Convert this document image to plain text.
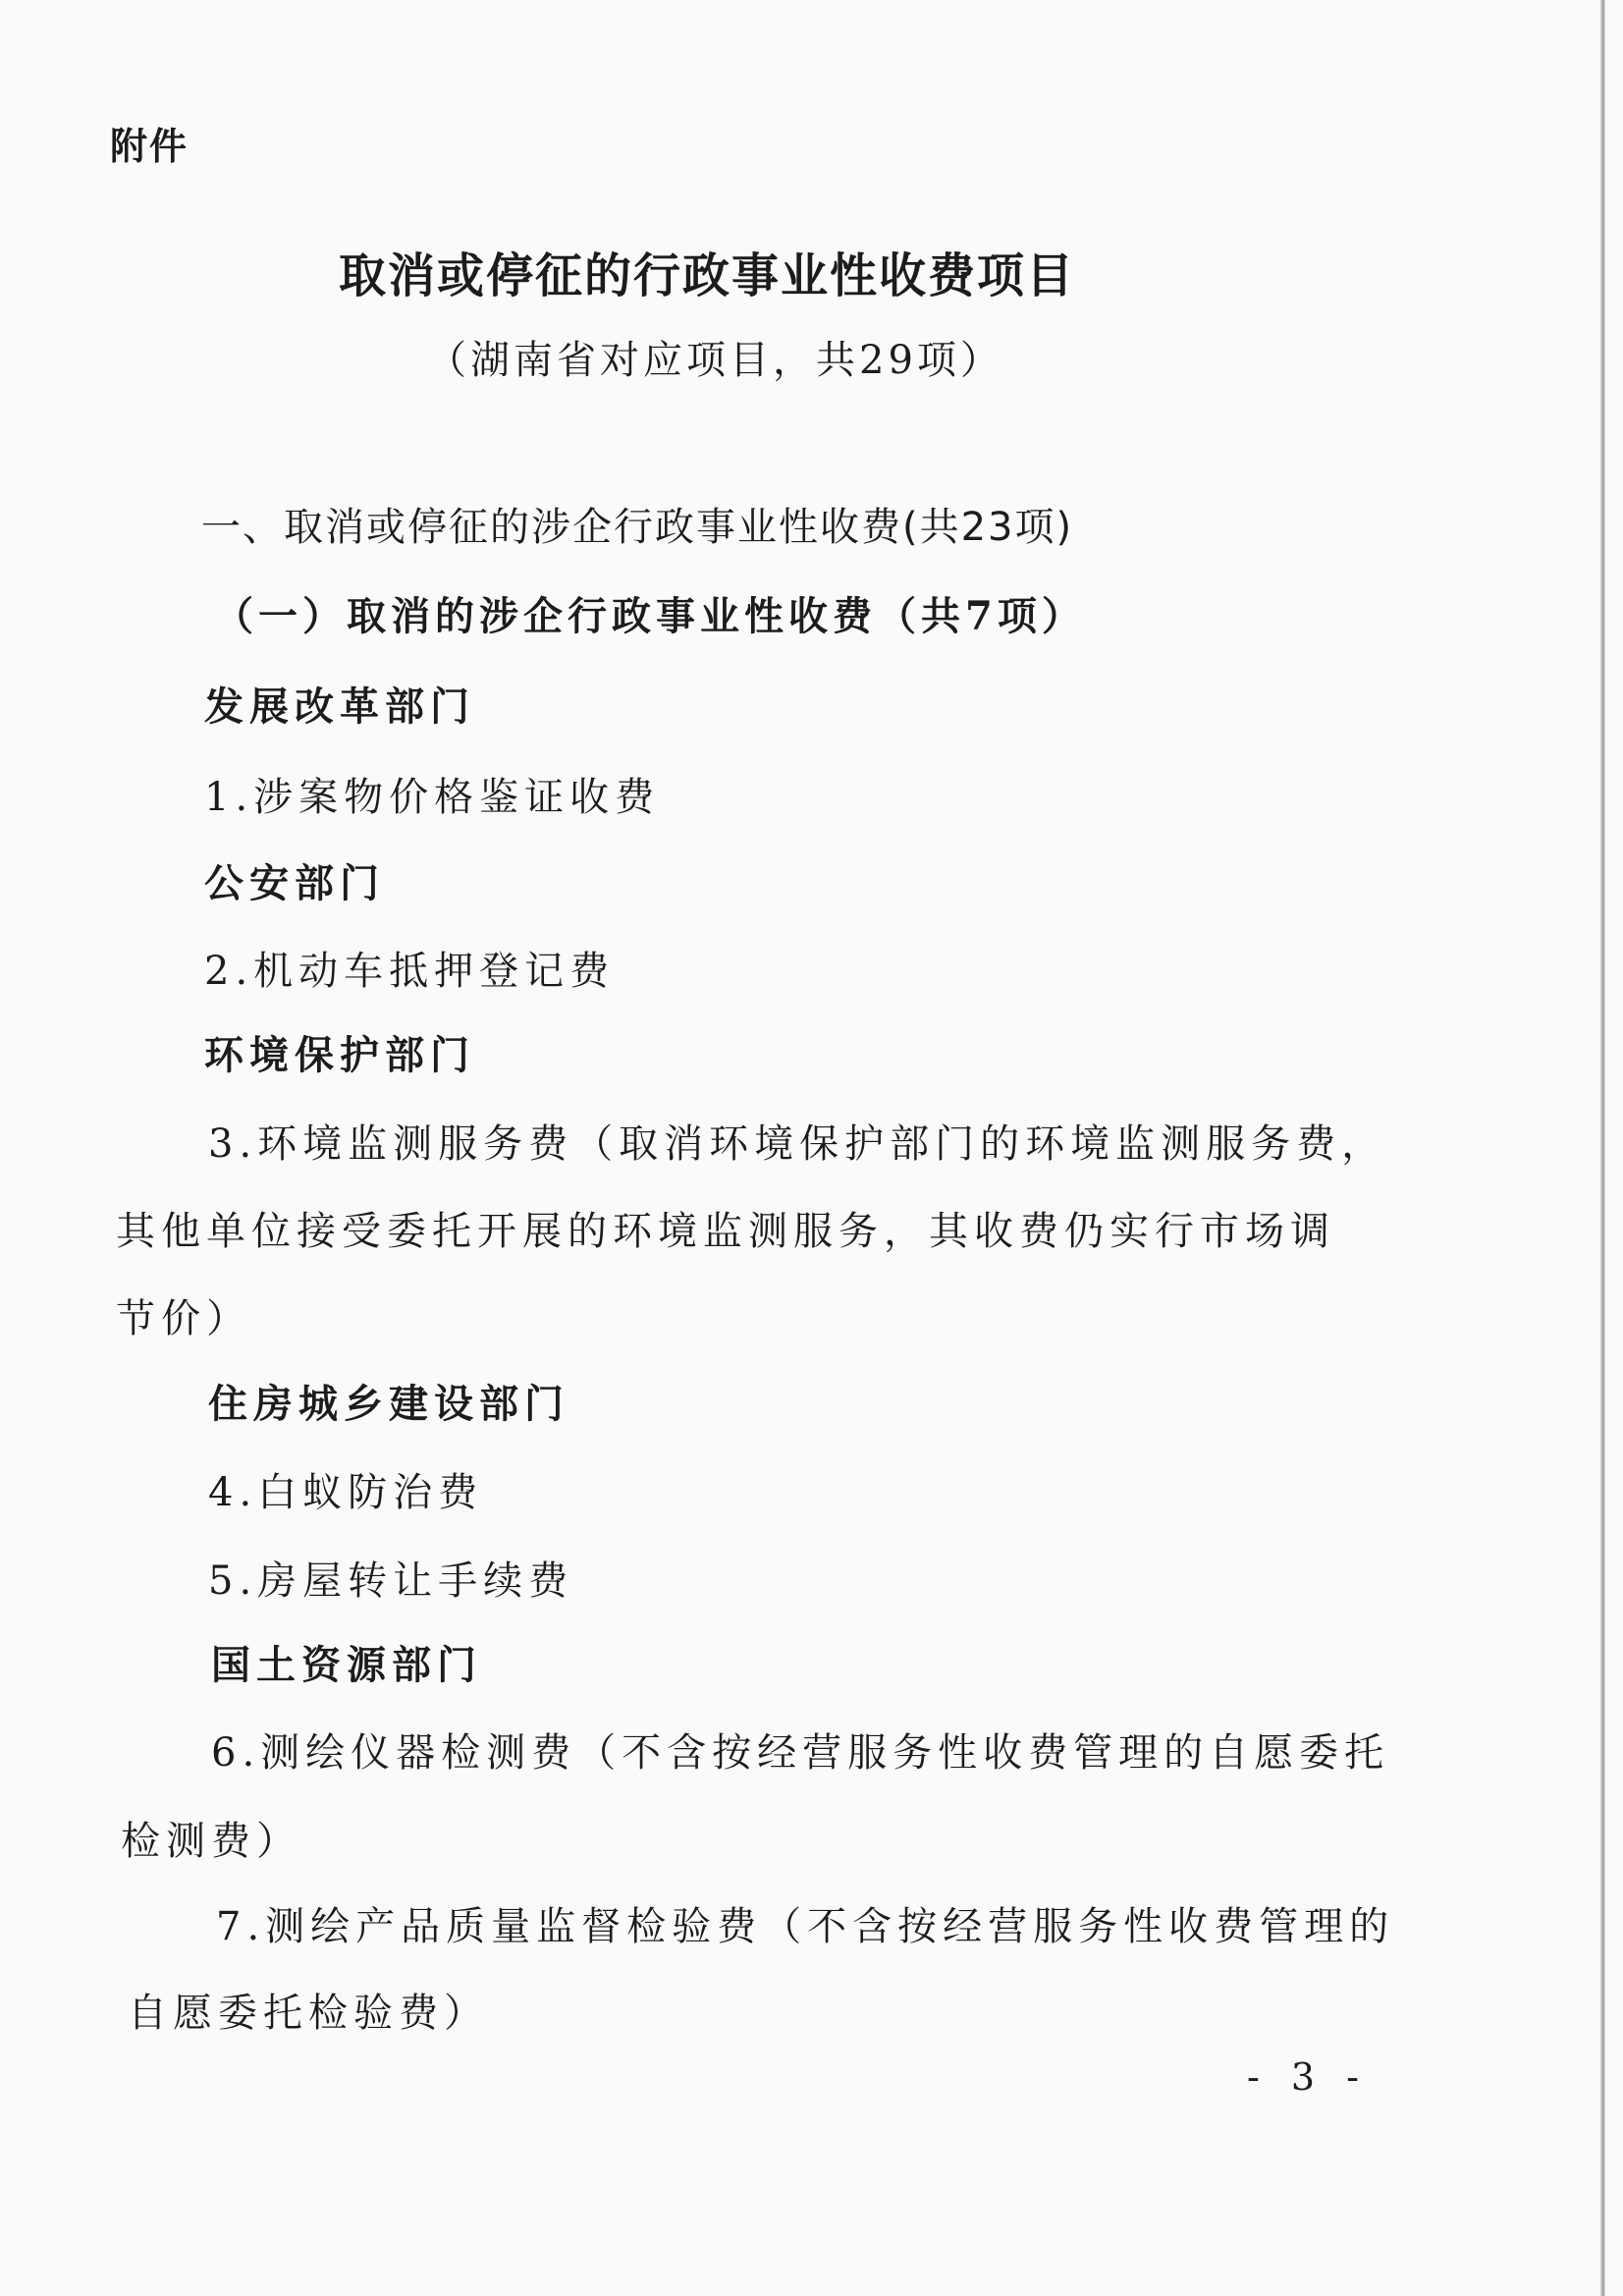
附件
取消或停征的行政事业性收费项目
（湖南省对应项目，共29项）
一、取消或停征的涉企行政事业性收费(共23项)
（一）取消的涉企行政事业性收费（共7项）
发展改革部门
1.涉案物价格鉴证收费
公安部门
2.机动车抵押登记费
环境保护部门
3.环境监测服务费（取消环境保护部门的环境监测服务费，
其他单位接受委托开展的环境监测服务，其收费仍实行市场调
节价）
住房城乡建设部门
4.白蚁防治费
5.房屋转让手续费
国土资源部门
6.测绘仪器检测费（不含按经营服务性收费管理的自愿委托
检测费）
7.测绘产品质量监督检验费（不含按经营服务性收费管理的
自愿委托检验费）
- 3 -
